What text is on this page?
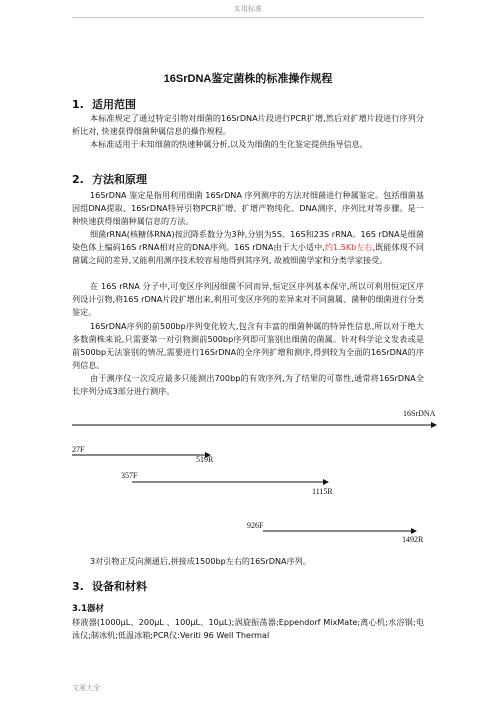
实用标准
16SrDNA鉴定菌株的标准操作规程
1. 适用范围

本标准规定了通过特定引物对细菌的16SrDNA片段进行PCR扩增,然后对扩增片段进行序列分析比对, 快速获得细菌种属信息的操作规程。

本标准适用于未知细菌的快速种属分析,以及为细菌的生化鉴定提供指导信息。

2. 方法和原理

16SrDNA 鉴定是指用利用细菌 16SrDNA 序列测序的方法对细菌进行种属鉴定。包括细菌基因组DNA提取、16SrDNA特异引物PCR扩增、扩增产物纯化、DNA测序、序列比对等步骤。是一种快速获得细菌种属信息的方法。

细菌rRNA(核糖体RNA)按沉降系数分为3种,分别为5S、16S和23S rRNA。16S rDNA是细菌染色体上编码16S rRNA相对应的DNA序列。16S rDNA由于大小适中,约1.5Kb左右,既能体现不同菌属之间的差异,又能利用测序技术较容易地得到其序列, 故被细菌学家和分类学家接受。

在 16S rRNA 分子中,可变区序列因细菌不同而异,恒定区序列基本保守,所以可利用恒定区序列设计引物,将16S rDNA片段扩增出来,利用可变区序列的差异来对不同菌属、菌种的细菌进行分类鉴定。

16SrDNA序列的前500bp序列变化较大,包含有丰富的细菌种属的特异性信息,所以对于绝大多数菌株来说,只需要第一对引物测前500bp序列即可鉴别出细菌的菌属。针对科学论文发表或是前500bp无法鉴别的情况,需要进行16SrDNA的全序列扩增和测序,得到较为全面的16SrDNA的序列信息。

由于测序仪一次反应最多只能测出700bp的有效序列,为了结果的可靠性,通常将16SrDNA全长序列分成3部分进行测序。

16SrDNA
27F
519R
357F
1115R
926F
1492R
3对引物正反向测通后,拼接成1500bp左右的16SrDNA序列。
3. 设备和材料
3.1器材

移液器(1000μL、200μL 、100μL、10μL);涡旋振荡器;Eppendorf MixMate;离心机;水浴锅;电泳仪;制冰机;低温冰箱;PCR仪:Veriti 96 Well Thermal

文案大全
